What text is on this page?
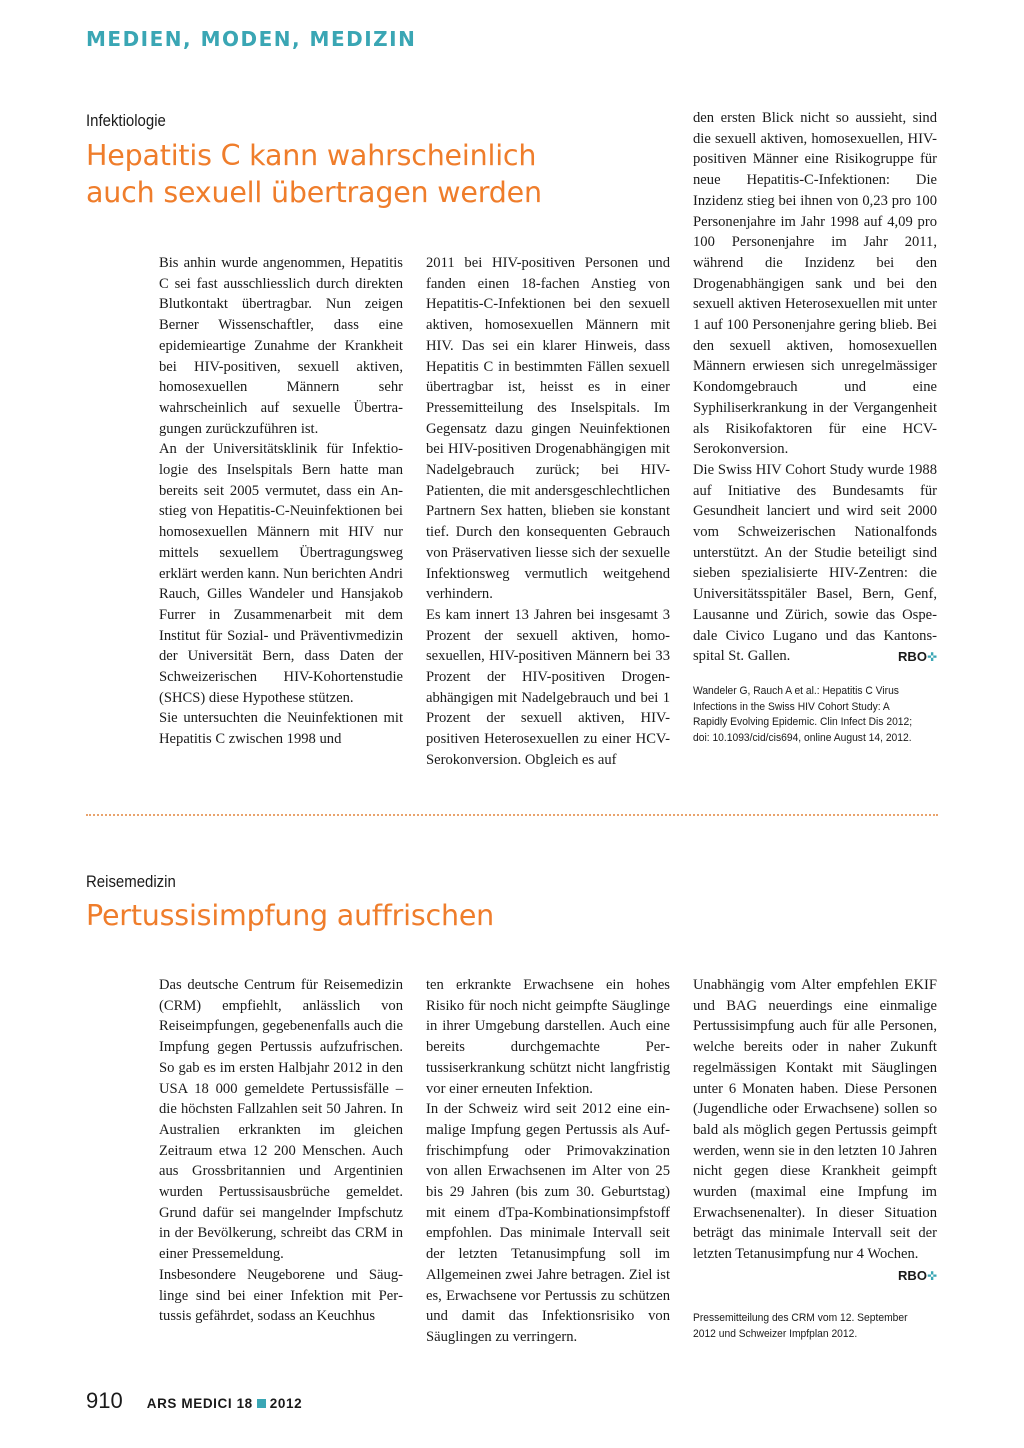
MEDIEN, MODEN, MEDIZIN
Infektiologie
Hepatitis C kann wahrscheinlich
auch sexuell übertragen werden

Bis anhin wurde angenommen, Hepatitis C sei fast ausschliesslich durch direkten Blutkontakt übertragbar. Nun zeigen Berner Wissenschaftler, dass eine epidemieartige Zunahme der Krankheit bei HIV-positiven, sexuell aktiven, homosexuellen Männern sehr wahrscheinlich auf sexuelle Übertragungen zurückzuführen ist.

An der Universitätsklinik für Infektiologie des Inselspitals Bern hatte man bereits seit 2005 vermutet, dass ein Anstieg von Hepatitis-C-Neuinfektionen bei homosexuellen Männern mit HIV nur mittels sexuellem Übertragungsweg erklärt werden kann. Nun berichten Andri Rauch, Gilles Wandeler und Hansjakob Furrer in Zusammenarbeit mit dem Institut für Sozial- und Präventivmedizin der Universität Bern, dass Daten der Schweizerischen HIV-Kohortenstudie (SHCS) diese Hypothese stützen.

Sie untersuchten die Neuinfektionen mit Hepatitis C zwischen 1998 und

2011 bei HIV-positiven Personen und fanden einen 18-fachen Anstieg von Hepatitis-C-Infektionen bei den sexuell aktiven, homosexuellen Männern mit HIV. Das sei ein klarer Hinweis, dass Hepatitis C in bestimmten Fällen sexuell übertragbar ist, heisst es in einer Pressemitteilung des Inselspitals. Im Gegensatz dazu gingen Neuinfektionen bei HIV-positiven Drogenabhängigen mit Nadelgebrauch zurück; bei HIV-Patienten, die mit andersgeschlechtlichen Partnern Sex hatten, blieben sie konstant tief. Durch den konsequenten Gebrauch von Präservativen liesse sich der sexuelle Infektionsweg vermutlich weitgehend verhindern.

Es kam innert 13 Jahren bei insgesamt 3 Prozent der sexuell aktiven, homosexuellen, HIV-positiven Männern bei 33 Prozent der HIV-positiven Drogenabhängigen mit Nadelgebrauch und bei 1 Prozent der sexuell aktiven, HIV-positiven Heterosexuellen zu einer HCV-Serokonversion. Obgleich es auf

den ersten Blick nicht so aussieht, sind die sexuell aktiven, homosexuellen, HIV-positiven Männer eine Risikogruppe für neue Hepatitis-C-Infektionen: Die Inzidenz stieg bei ihnen von 0,23 pro 100 Personenjahre im Jahr 1998 auf 4,09 pro 100 Personenjahre im Jahr 2011, während die Inzidenz bei den Drogenabhängigen sank und bei den sexuell aktiven Heterosexuellen mit unter 1 auf 100 Personenjahre gering blieb. Bei den sexuell aktiven, homosexuellen Männern erwiesen sich unregelmässiger Kondomgebrauch und eine Syphiliserkrankung in der Vergangenheit als Risikofaktoren für eine HCV-Serokonversion.

Die Swiss HIV Cohort Study wurde 1988 auf Initiative des Bundesamts für Gesundheit lanciert und wird seit 2000 vom Schweizerischen Nationalfonds unterstützt. An der Studie beteiligt sind sieben spezialisierte HIV-Zentren: die Universitätsspitäler Basel, Bern, Genf, Lausanne und Zürich, sowie das Ospedale Civico Lugano und das Kantonsspital St. Gallen.	RBO✜

Wandeler G, Rauch A et al.: Hepatitis C Virus Infections in the Swiss HIV Cohort Study: A Rapidly Evolving Epidemic. Clin Infect Dis 2012; doi: 10.1093/cid/cis694, online August 14, 2012.
Reisemedizin
Pertussisimpfung auffrischen

Das deutsche Centrum für Reisemedizin (CRM) empfiehlt, anlässlich von Reiseimpfungen, gegebenenfalls auch die Impfung gegen Pertussis aufzufrischen. So gab es im ersten Halbjahr 2012 in den USA 18 000 gemeldete Pertussisfälle – die höchsten Fallzahlen seit 50 Jahren. In Australien erkrankten im gleichen Zeitraum etwa 12 200 Menschen. Auch aus Grossbritannien und Argentinien wurden Pertussisausbrüche gemeldet. Grund dafür sei mangelnder Impfschutz in der Bevölkerung, schreibt das CRM in einer Pressemeldung.

Insbesondere Neugeborene und Säuglinge sind bei einer Infektion mit Pertussis gefährdet, sodass an Keuchhus

ten erkrankte Erwachsene ein hohes Risiko für noch nicht geimpfte Säuglinge in ihrer Umgebung darstellen. Auch eine bereits durchgemachte Pertussiserkrankung schützt nicht langfristig vor einer erneuten Infektion.

In der Schweiz wird seit 2012 eine einmalige Impfung gegen Pertussis als Auffrischimpfung oder Primovakzination von allen Erwachsenen im Alter von 25 bis 29 Jahren (bis zum 30. Geburtstag) mit einem dTpa-Kombinationsimpfstoff empfohlen. Das minimale Intervall seit der letzten Tetanusimpfung soll im Allgemeinen zwei Jahre betragen. Ziel ist es, Erwachsene vor Pertussis zu schützen und damit das Infektionsrisiko von Säuglingen zu verringern.

Unabhängig vom Alter empfehlen EKIF und BAG neuerdings eine einmalige Pertussisimpfung auch für alle Personen, welche bereits oder in naher Zukunft regelmässigen Kontakt mit Säuglingen unter 6 Monaten haben. Diese Personen (Jugendliche oder Erwachsene) sollen so bald als möglich gegen Pertussis geimpft werden, wenn sie in den letzten 10 Jahren nicht gegen diese Krankheit geimpft wurden (maximal eine Impfung im Erwachsenenalter). In dieser Situation beträgt das minimale Intervall seit der letzten Tetanusimpfung nur 4 Wochen.
RBO✜

Pressemitteilung des CRM vom 12. September 2012 und Schweizer Impfplan 2012.
910 ARS MEDICI 18 2012
